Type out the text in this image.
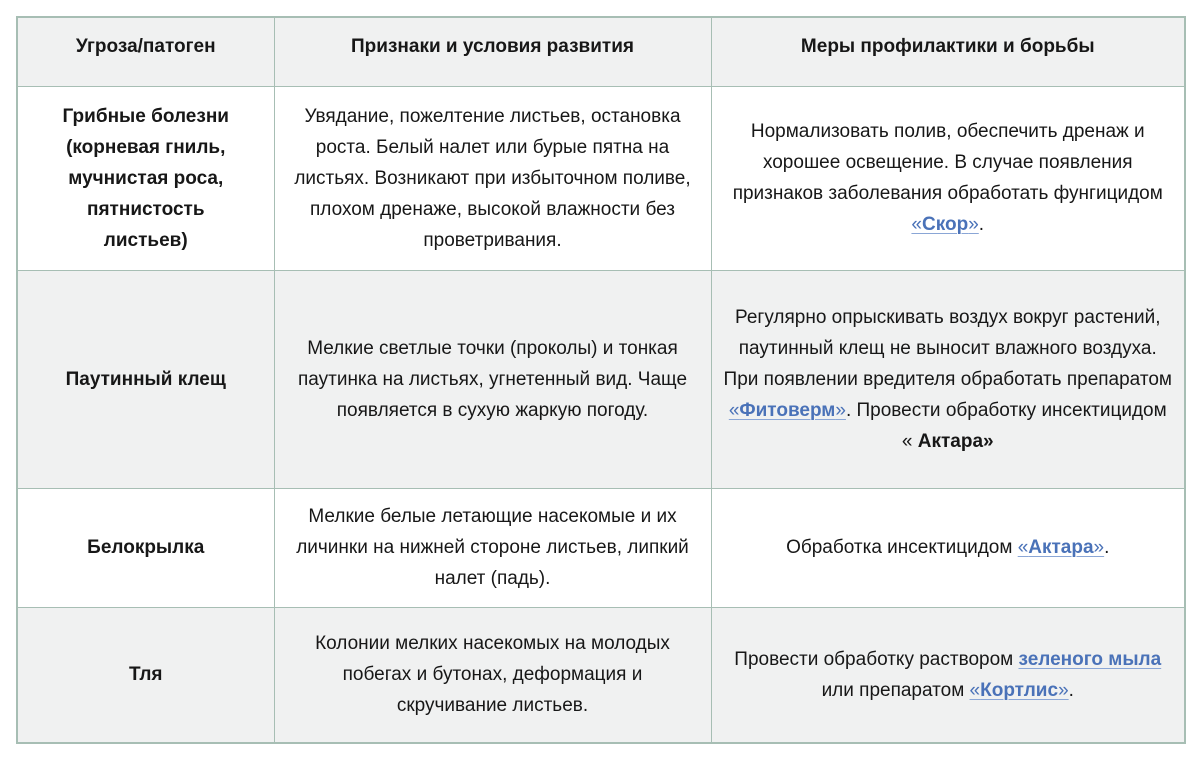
Угроза/патоген	Признаки и условия развития	Меры профилактики и борьбы
Грибные болезни (корневая гниль, мучнистая роса, пятнистость листьев)	Увядание, пожелтение листьев, остановка роста. Белый налет или бурые пятна на листьях. Возникают при избыточном поливе, плохом дренаже, высокой влажности без проветривания.	Нормализовать полив, обеспечить дренаж и хорошее освещение. В случае появления признаков заболевания обработать фунгицидом «Скор».
Паутинный клещ	Мелкие светлые точки (проколы) и тонкая паутинка на листьях, угнетенный вид. Чаще появляется в сухую жаркую погоду.	Регулярно опрыскивать воздух вокруг растений, паутинный клещ не выносит влажного воздуха. При появлении вредителя обработать препаратом «Фитоверм». Провести обработку инсектицидом « Актара»
Белокрылка	Мелкие белые летающие насекомые и их личинки на нижней стороне листьев, липкий налет (падь).	Обработка инсектицидом «Актара».
Тля	Колонии мелких насекомых на молодых побегах и бутонах, деформация и скручивание листьев.	Провести обработку раствором зеленого мыла или препаратом «Кортлис».
